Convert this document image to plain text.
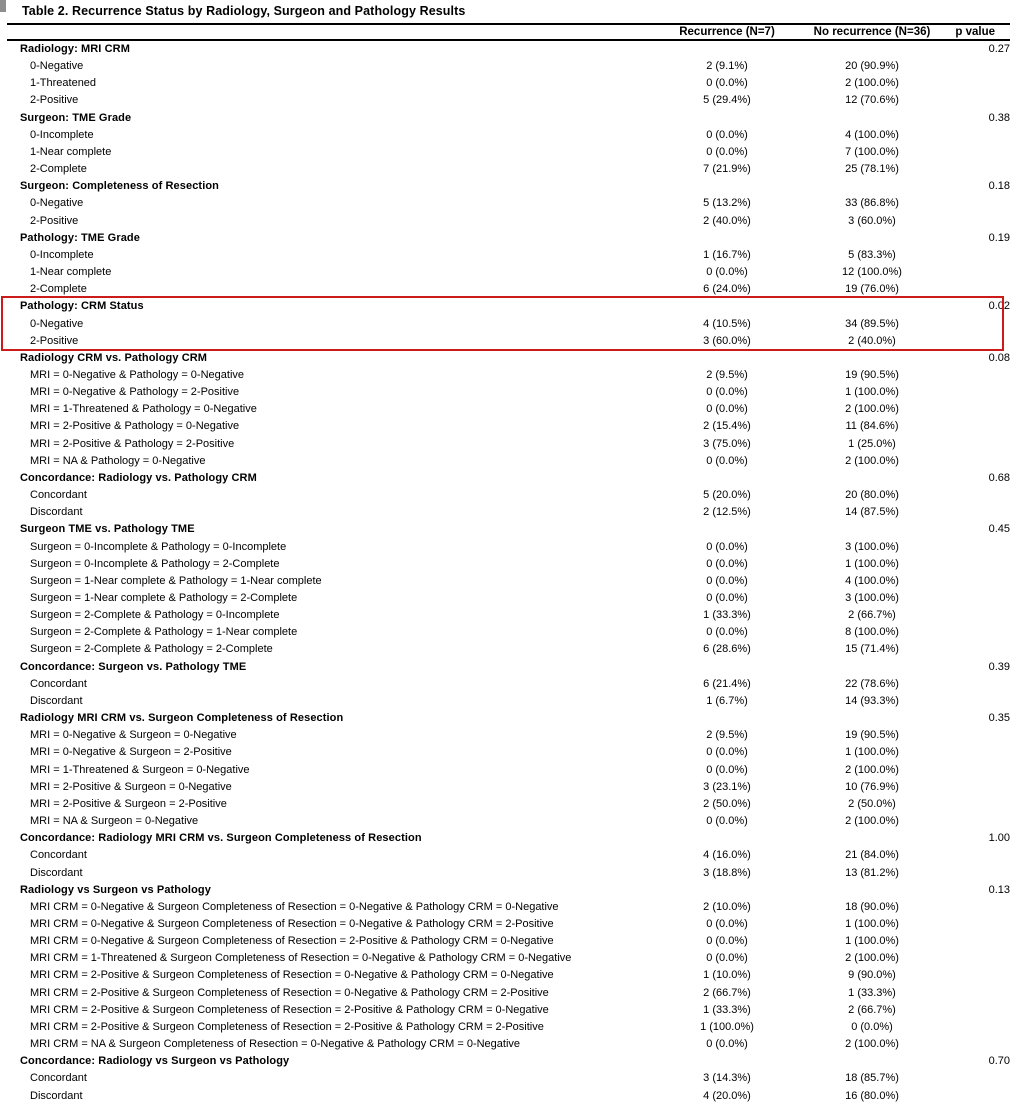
Table 2. Recurrence Status by Radiology, Surgeon and Pathology Results
	Recurrence (N=7)	No recurrence (N=36)	p value
Radiology: MRI CRM			0.27
0-Negative	2 (9.1%)	20 (90.9%)	
1-Threatened	0 (0.0%)	2 (100.0%)	
2-Positive	5 (29.4%)	12 (70.6%)	
Surgeon: TME Grade			0.38
0-Incomplete	0 (0.0%)	4 (100.0%)	
1-Near complete	0 (0.0%)	7 (100.0%)	
2-Complete	7 (21.9%)	25 (78.1%)	
Surgeon: Completeness of Resection			0.18
0-Negative	5 (13.2%)	33 (86.8%)	
2-Positive	2 (40.0%)	3 (60.0%)	
Pathology: TME Grade			0.19
0-Incomplete	1 (16.7%)	5 (83.3%)	
1-Near complete	0 (0.0%)	12 (100.0%)	
2-Complete	6 (24.0%)	19 (76.0%)	
Pathology: CRM Status			0.02
0-Negative	4 (10.5%)	34 (89.5%)	
2-Positive	3 (60.0%)	2 (40.0%)	
Radiology CRM vs. Pathology CRM			0.08
MRI = 0-Negative & Pathology = 0-Negative	2 (9.5%)	19 (90.5%)	
MRI = 0-Negative & Pathology = 2-Positive	0 (0.0%)	1 (100.0%)	
MRI = 1-Threatened & Pathology = 0-Negative	0 (0.0%)	2 (100.0%)	
MRI = 2-Positive & Pathology = 0-Negative	2 (15.4%)	11 (84.6%)	
MRI = 2-Positive & Pathology = 2-Positive	3 (75.0%)	1 (25.0%)	
MRI = NA & Pathology = 0-Negative	0 (0.0%)	2 (100.0%)	
Concordance: Radiology vs. Pathology CRM			0.68
Concordant	5 (20.0%)	20 (80.0%)	
Discordant	2 (12.5%)	14 (87.5%)	
Surgeon TME vs. Pathology TME			0.45
Surgeon = 0-Incomplete & Pathology = 0-Incomplete	0 (0.0%)	3 (100.0%)	
Surgeon = 0-Incomplete & Pathology = 2-Complete	0 (0.0%)	1 (100.0%)	
Surgeon = 1-Near complete & Pathology = 1-Near complete	0 (0.0%)	4 (100.0%)	
Surgeon = 1-Near complete & Pathology = 2-Complete	0 (0.0%)	3 (100.0%)	
Surgeon = 2-Complete & Pathology = 0-Incomplete	1 (33.3%)	2 (66.7%)	
Surgeon = 2-Complete & Pathology = 1-Near complete	0 (0.0%)	8 (100.0%)	
Surgeon = 2-Complete & Pathology = 2-Complete	6 (28.6%)	15 (71.4%)	
Concordance: Surgeon vs. Pathology TME			0.39
Concordant	6 (21.4%)	22 (78.6%)	
Discordant	1 (6.7%)	14 (93.3%)	
Radiology MRI CRM vs. Surgeon Completeness of Resection			0.35
MRI = 0-Negative & Surgeon = 0-Negative	2 (9.5%)	19 (90.5%)	
MRI = 0-Negative & Surgeon = 2-Positive	0 (0.0%)	1 (100.0%)	
MRI = 1-Threatened & Surgeon = 0-Negative	0 (0.0%)	2 (100.0%)	
MRI = 2-Positive & Surgeon = 0-Negative	3 (23.1%)	10 (76.9%)	
MRI = 2-Positive & Surgeon = 2-Positive	2 (50.0%)	2 (50.0%)	
MRI = NA & Surgeon = 0-Negative	0 (0.0%)	2 (100.0%)	
Concordance: Radiology MRI CRM vs. Surgeon Completeness of Resection			1.00
Concordant	4 (16.0%)	21 (84.0%)	
Discordant	3 (18.8%)	13 (81.2%)	
Radiology vs Surgeon vs Pathology			0.13
MRI CRM = 0-Negative & Surgeon Completeness of Resection = 0-Negative & Pathology CRM = 0-Negative	2 (10.0%)	18 (90.0%)	
MRI CRM = 0-Negative & Surgeon Completeness of Resection = 0-Negative & Pathology CRM = 2-Positive	0 (0.0%)	1 (100.0%)	
MRI CRM = 0-Negative & Surgeon Completeness of Resection = 2-Positive & Pathology CRM = 0-Negative	0 (0.0%)	1 (100.0%)	
MRI CRM = 1-Threatened & Surgeon Completeness of Resection = 0-Negative & Pathology CRM = 0-Negative	0 (0.0%)	2 (100.0%)	
MRI CRM = 2-Positive & Surgeon Completeness of Resection = 0-Negative & Pathology CRM = 0-Negative	1 (10.0%)	9 (90.0%)	
MRI CRM = 2-Positive & Surgeon Completeness of Resection = 0-Negative & Pathology CRM = 2-Positive	2 (66.7%)	1 (33.3%)	
MRI CRM = 2-Positive & Surgeon Completeness of Resection = 2-Positive & Pathology CRM = 0-Negative	1 (33.3%)	2 (66.7%)	
MRI CRM = 2-Positive & Surgeon Completeness of Resection = 2-Positive & Pathology CRM = 2-Positive	1 (100.0%)	0 (0.0%)	
MRI CRM = NA & Surgeon Completeness of Resection = 0-Negative & Pathology CRM = 0-Negative	0 (0.0%)	2 (100.0%)	
Concordance: Radiology vs Surgeon vs Pathology			0.70
Concordant	3 (14.3%)	18 (85.7%)	
Discordant	4 (20.0%)	16 (80.0%)	
